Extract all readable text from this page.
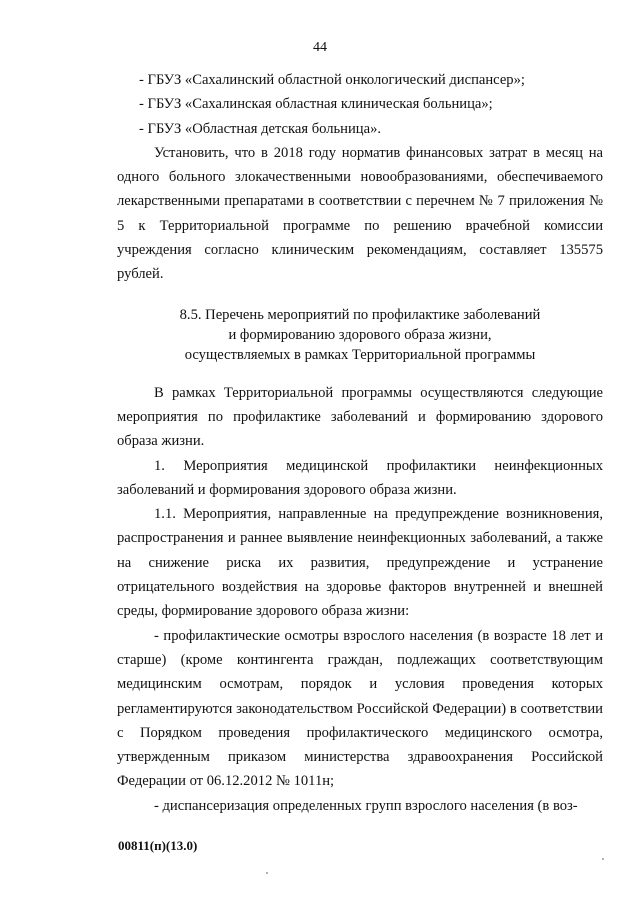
44

- ГБУЗ «Сахалинский областной онкологический диспансер»;

- ГБУЗ «Сахалинская областная клиническая больница»;

- ГБУЗ «Областная детская больница».

Установить, что в 2018 году норматив финансовых затрат в месяц на одного больного злокачественными новообразованиями, обеспечиваемого лекарственными препаратами в соответствии с перечнем № 7 приложения № 5 к Территориальной программе по решению врачебной комиссии учреждения согласно клиническим рекомендациям, составляет 135575 рублей.

8.5. Перечень мероприятий по профилактике заболеваний
и формированию здорового образа жизни,
осуществляемых в рамках Территориальной программы

В рамках Территориальной программы осуществляются следующие мероприятия по профилактике заболеваний и формированию здорового образа жизни.

1. Мероприятия медицинской профилактики неинфекционных заболеваний и формирования здорового образа жизни.

1.1. Мероприятия, направленные на предупреждение возникновения, распространения и раннее выявление неинфекционных заболеваний, а также на снижение риска их развития, предупреждение и устранение отрицательного воздействия на здоровье факторов внутренней и внешней среды, формирование здорового образа жизни:

- профилактические осмотры взрослого населения (в возрасте 18 лет и старше) (кроме контингента граждан, подлежащих соответствующим медицинским осмотрам, порядок и условия проведения которых регламентируются законодательством Российской Федерации) в соответствии с Порядком проведения профилактического медицинского осмотра, утвержденным приказом министерства здравоохранения Российской Федерации от 06.12.2012 № 1011н;

- диспансеризация определенных групп взрослого населения (в воз-

00811(п)(13.0)
